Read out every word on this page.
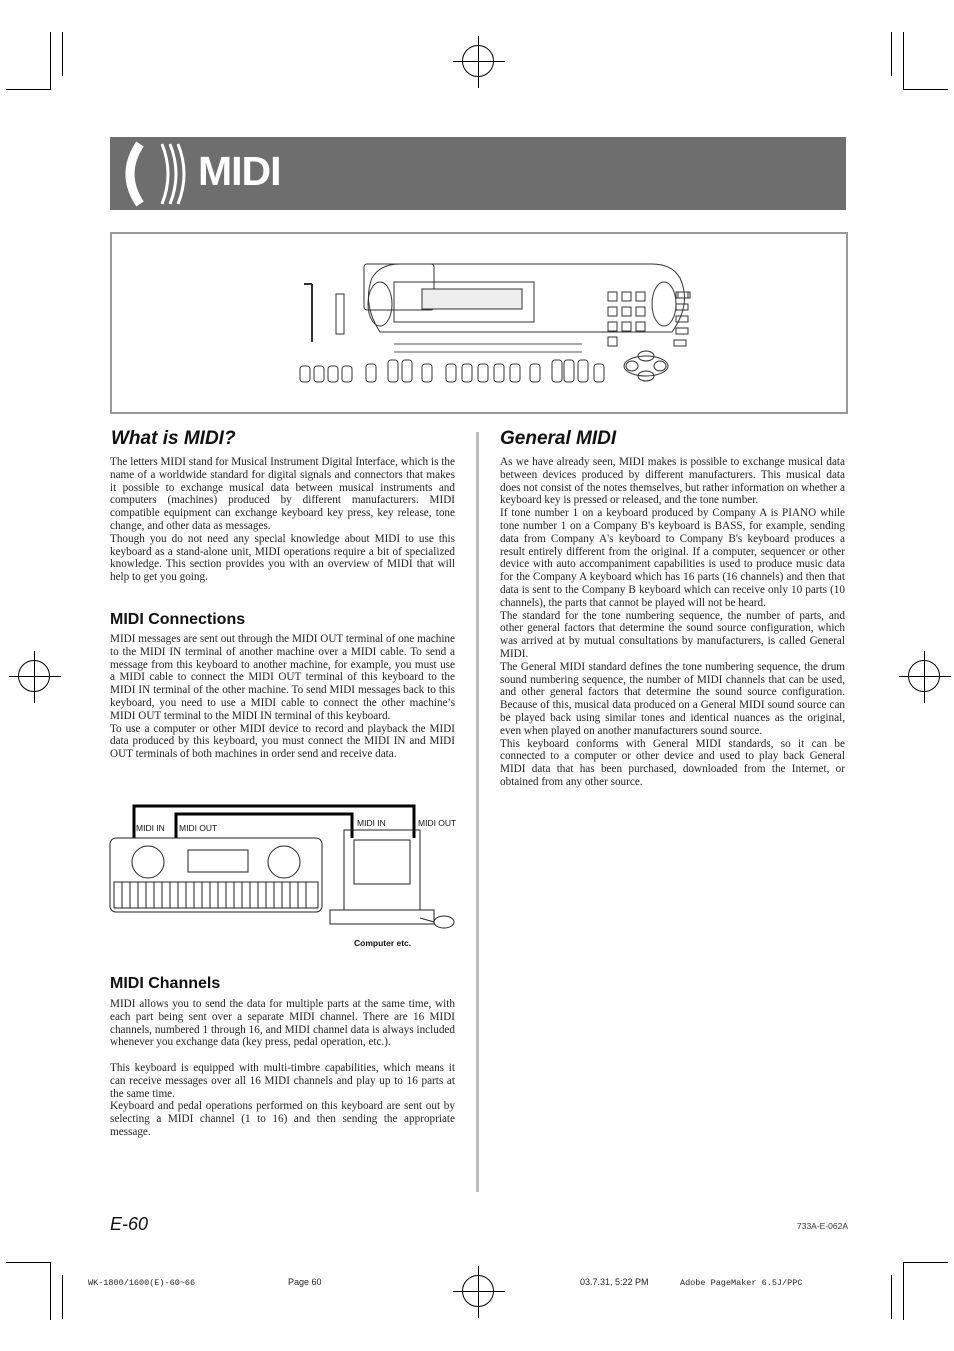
MIDI
What is MIDI?

The letters MIDI stand for Musical Instrument Digital Interface, which is the name of a worldwide standard for digital signals and connectors that makes it possible to exchange musical data between musical instruments and computers (machines) produced by different manufacturers. MIDI compatible equipment can exchange keyboard key press, key release, tone change, and other data as messages.

Though you do not need any special knowledge about MIDI to use this keyboard as a stand-alone unit, MIDI operations require a bit of specialized knowledge. This section provides you with an overview of MIDI that will help to get you going.

MIDI Connections

MIDI messages are sent out through the MIDI OUT terminal of one machine to the MIDI IN terminal of another machine over a MIDI cable. To send a message from this keyboard to another machine, for example, you must use a MIDI cable to connect the MIDI OUT terminal of this keyboard to the MIDI IN terminal of the other machine. To send MIDI messages back to this keyboard, you need to use a MIDI cable to connect the other machine’s MIDI OUT terminal to the MIDI IN terminal of this keyboard.

To use a computer or other MIDI device to record and playback the MIDI data produced by this keyboard, you must connect the MIDI IN and MIDI OUT terminals of both machines in order send and receive data.

MIDI IN MIDI OUT	MIDI IN	MIDI OUT
Computer etc.
MIDI Channels

MIDI allows you to send the data for multiple parts at the same time, with each part being sent over a separate MIDI channel. There are 16 MIDI channels, numbered 1 through 16, and MIDI channel data is always included whenever you exchange data (key press, pedal operation, etc.).

This keyboard is equipped with multi-timbre capabilities, which means it can receive messages over all 16 MIDI channels and play up to 16 parts at the same time.

Keyboard and pedal operations performed on this keyboard are sent out by selecting a MIDI channel (1 to 16) and then sending the appropriate message.

General MIDI

As we have already seen, MIDI makes is possible to exchange musical data between devices produced by different manufacturers. This musical data does not consist of the notes themselves, but rather information on whether a keyboard key is pressed or released, and the tone number.

If tone number 1 on a keyboard produced by Company A is PIANO while tone number 1 on a Company B's keyboard is BASS, for example, sending data from Company A's keyboard to Company B's keyboard produces a result entirely different from the original. If a computer, sequencer or other device with auto accompaniment capabilities is used to produce music data for the Company A keyboard which has 16 parts (16 channels) and then that data is sent to the Company B keyboard which can receive only 10 parts (10 channels), the parts that cannot be played will not be heard.

The standard for the tone numbering sequence, the number of parts, and other general factors that determine the sound source configuration, which was arrived at by mutual consultations by manufacturers, is called General MIDI.

The General MIDI standard defines the tone numbering sequence, the drum sound numbering sequence, the number of MIDI channels that can be used, and other general factors that determine the sound source configuration. Because of this, musical data produced on a General MIDI sound source can be played back using similar tones and identical nuances as the original, even when played on another manufacturers sound source.

This keyboard conforms with General MIDI standards, so it can be connected to a computer or other device and used to play back General MIDI data that has been purchased, downloaded from the Internet, or obtained from any other source.

E-60	733A-E-062A
WK-1800/1600(E)-60~66	Page 60	03.7.31, 5:22 PM	Adobe PageMaker 6.5J/PPC
